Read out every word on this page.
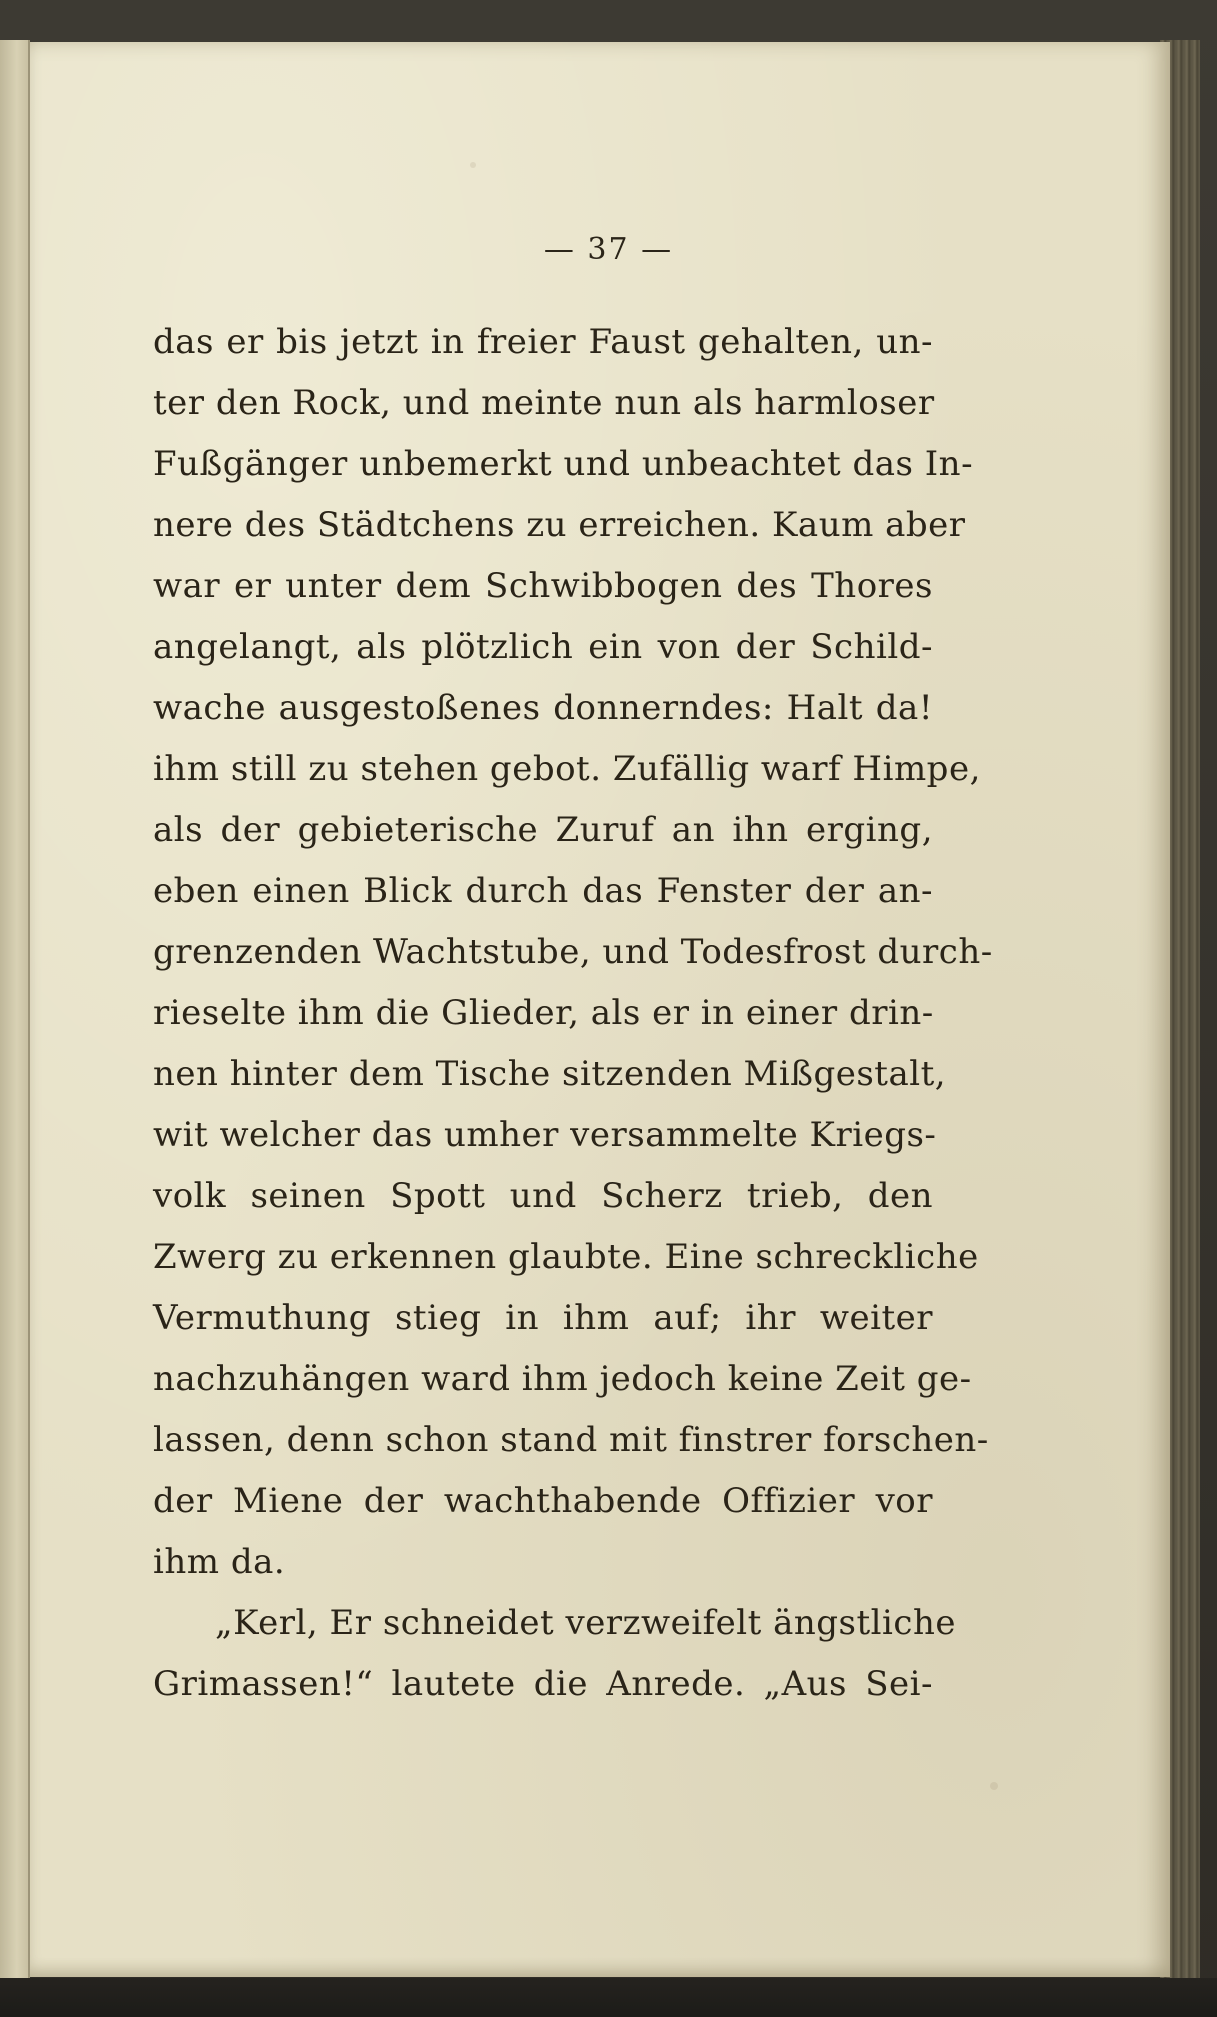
— 37 —
das er bis jetzt in freier Faust gehalten, un-
ter den Rock, und meinte nun als harmloser
Fußgänger unbemerkt und unbeachtet das In-
nere des Städtchens zu erreichen. Kaum aber
war er unter dem Schwibbogen des Thores
angelangt, als plötzlich ein von der Schild-
wache ausgestoßenes donnerndes: Halt da!
ihm still zu stehen gebot. Zufällig warf Himpe,
als der gebieterische Zuruf an ihn erging,
eben einen Blick durch das Fenster der an-
grenzenden Wachtstube, und Todesfrost durch-
rieselte ihm die Glieder, als er in einer drin-
nen hinter dem Tische sitzenden Mißgestalt,
wit welcher das umher versammelte Kriegs-
volk seinen Spott und Scherz trieb, den
Zwerg zu erkennen glaubte. Eine schreckliche
Vermuthung stieg in ihm auf; ihr weiter
nachzuhängen ward ihm jedoch keine Zeit ge-
lassen, denn schon stand mit finstrer forschen-
der Miene der wachthabende Offizier vor
ihm da.
„Kerl, Er schneidet verzweifelt ängstliche
Grimassen!“ lautete die Anrede. „Aus Sei-
